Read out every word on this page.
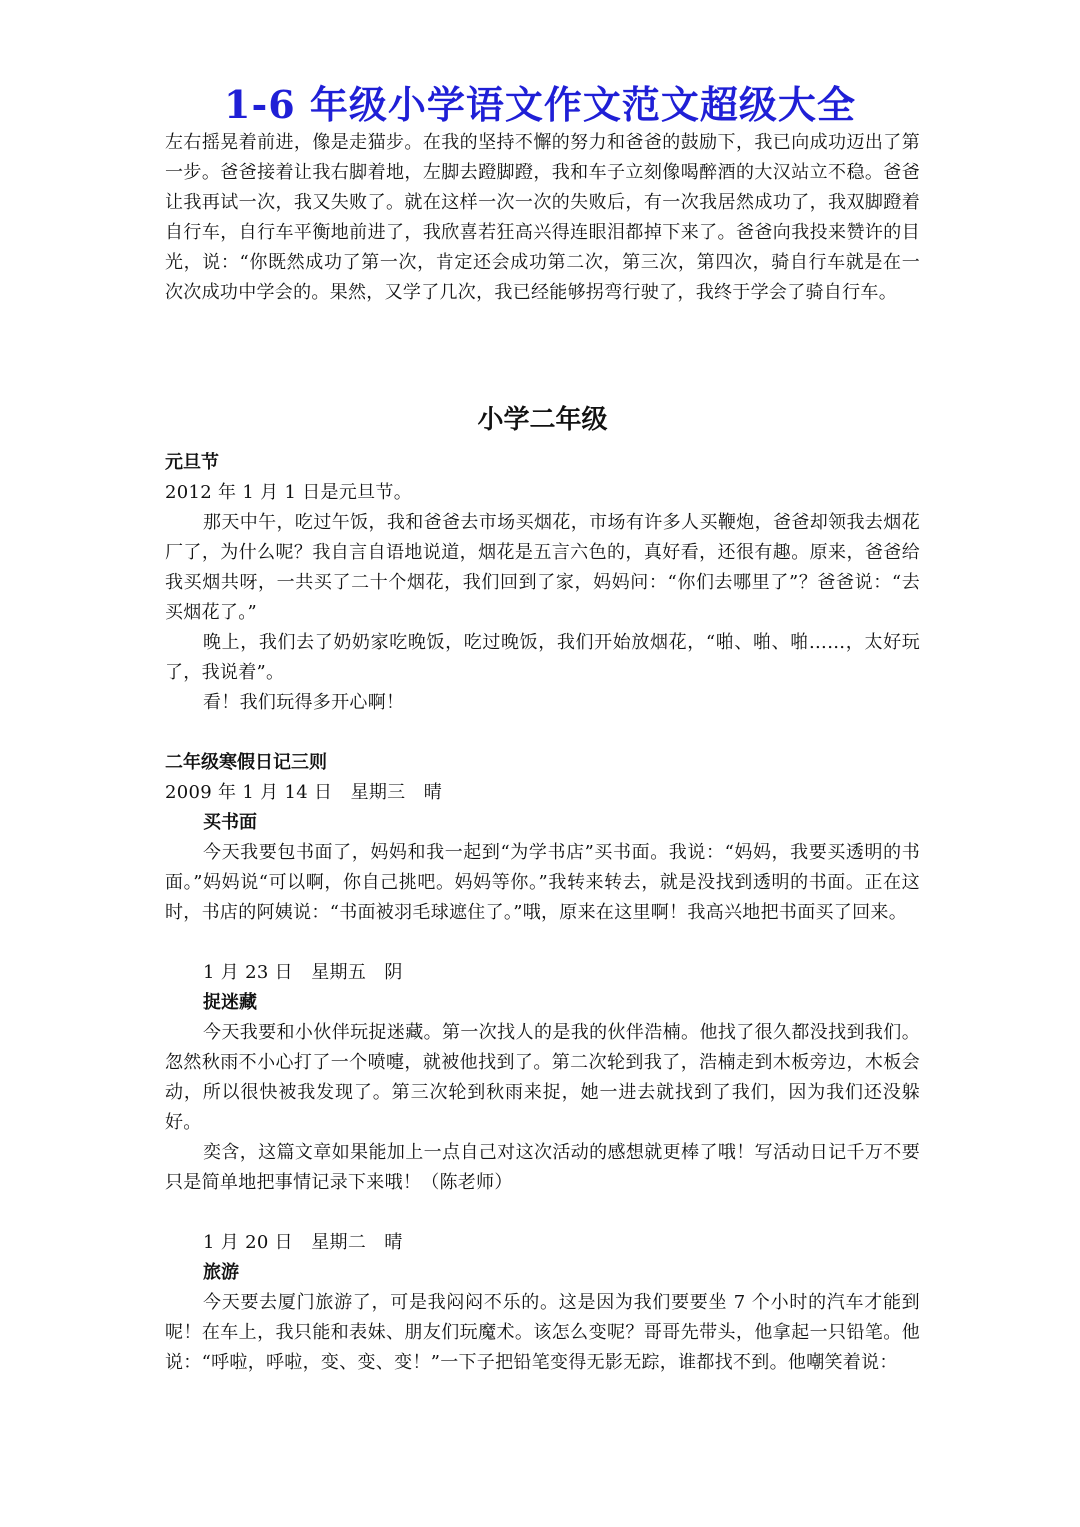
1-6 年级小学语文作文范文超级大全

左右摇晃着前进，像是走猫步。在我的坚持不懈的努力和爸爸的鼓励下，我已向成功迈出了第一步。爸爸接着让我右脚着地，左脚去蹬脚蹬，我和车子立刻像喝醉酒的大汉站立不稳。爸爸让我再试一次，我又失败了。就在这样一次一次的失败后，有一次我居然成功了，我双脚蹬着自行车，自行车平衡地前进了，我欣喜若狂高兴得连眼泪都掉下来了。爸爸向我投来赞许的目光，说：“你既然成功了第一次，肯定还会成功第二次，第三次，第四次，骑自行车就是在一次次成功中学会的。果然，又学了几次，我已经能够拐弯行驶了，我终于学会了骑自行车。

小学二年级

元旦节

2012 年 1 月 1 日是元旦节。

那天中午，吃过午饭，我和爸爸去市场买烟花，市场有许多人买鞭炮，爸爸却领我去烟花厂了，为什么呢？我自言自语地说道，烟花是五言六色的，真好看，还很有趣。原来，爸爸给我买烟共呀，一共买了二十个烟花，我们回到了家，妈妈问：“你们去哪里了”？爸爸说：“去买烟花了。”

晚上，我们去了奶奶家吃晚饭，吃过晚饭，我们开始放烟花，“啪、啪、啪……，太好玩了，我说着”。

看！我们玩得多开心啊！

二年级寒假日记三则

2009 年 1 月 14 日　星期三　晴

买书面

今天我要包书面了，妈妈和我一起到“为学书店”买书面。我说：“妈妈，我要买透明的书面。”妈妈说“可以啊，你自己挑吧。妈妈等你。”我转来转去，就是没找到透明的书面。正在这时，书店的阿姨说：“书面被羽毛球遮住了。”哦，原来在这里啊！我高兴地把书面买了回来。

1 月 23 日　星期五　阴

捉迷藏

今天我要和小伙伴玩捉迷藏。第一次找人的是我的伙伴浩楠。他找了很久都没找到我们。忽然秋雨不小心打了一个喷嚏，就被他找到了。第二次轮到我了，浩楠走到木板旁边，木板会动，所以很快被我发现了。第三次轮到秋雨来捉，她一进去就找到了我们，因为我们还没躲好。

奕含，这篇文章如果能加上一点自己对这次活动的感想就更棒了哦！写活动日记千万不要只是简单地把事情记录下来哦！（陈老师）

1 月 20 日　星期二　晴

旅游

今天要去厦门旅游了，可是我闷闷不乐的。这是因为我们要要坐 7 个小时的汽车才能到呢！在车上，我只能和表妹、朋友们玩魔术。该怎么变呢？哥哥先带头，他拿起一只铅笔。他说：“呼啦，呼啦，变、变、变！”一下子把铅笔变得无影无踪，谁都找不到。他嘲笑着说：
